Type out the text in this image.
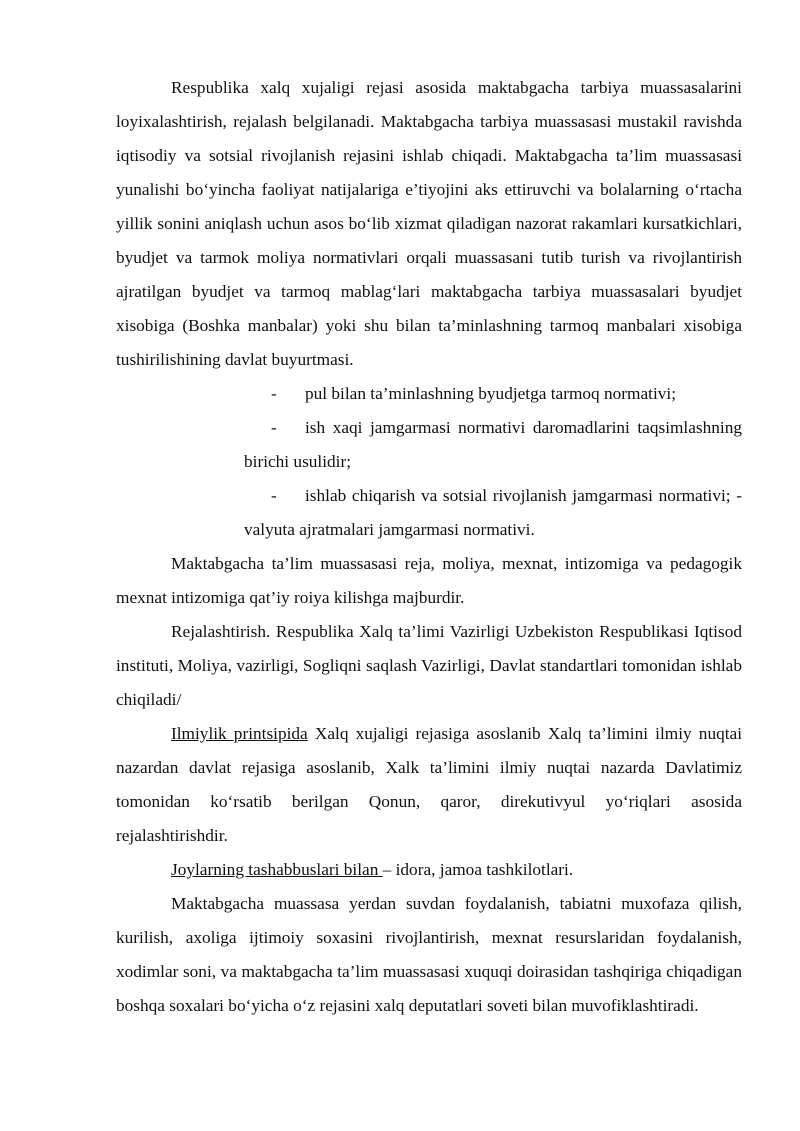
Respublika xalq xujaligi rejasi asosida maktabgacha tarbiya muassasalarini loyixalashtirish, rejalash belgilanadi. Maktabgacha tarbiya muassasasi mustakil ravishda iqtisodiy va sotsial rivojlanish rejasini ishlab chiqadi. Maktabgacha ta’lim muassasasi yunalishi bo‘yincha faoliyat natijalariga e’tiyojini aks ettiruvchi va bolalarning o‘rtacha yillik sonini aniqlash uchun asos bo‘lib xizmat qiladigan nazorat rakamlari kursatkichlari, byudjet va tarmok moliya normativlari orqali muassasani tutib turish va rivojlantirish ajratilgan byudjet va tarmoq mablag‘lari maktabgacha tarbiya muassasalari byudjet xisobiga (Boshka manbalar) yoki shu bilan ta’minlashning tarmoq manbalari xisobiga tushirilishining davlat buyurtmasi.

- pul bilan ta’minlashning byudjetga tarmoq normativi;
- ish xaqi jamgarmasi normativi daromadlarini taqsimlashning birichi usulidir;
- ishlab chiqarish va sotsial rivojlanish jamgarmasi normativi; - valyuta ajratmalari jamgarmasi normativi.

Maktabgacha ta’lim muassasasi reja, moliya, mexnat, intizomiga va pedagogik mexnat intizomiga qat’iy roiya kilishga majburdir.

Rejalashtirish. Respublika Xalq ta’limi Vazirligi Uzbekiston Respublikasi Iqtisod instituti, Moliya, vazirligi, Sogliqni saqlash Vazirligi, Davlat standartlari tomonidan ishlab chiqiladi/

Ilmiylik printsipida Xalq xujaligi rejasiga asoslanib Xalq ta’limini ilmiy nuqtai nazardan davlat rejasiga asoslanib, Xalk ta’limini ilmiy nuqtai nazarda Davlatimiz tomonidan ko‘rsatib berilgan Qonun, qaror, direkutivyul yo‘riqlari asosida rejalashtirishdir.

Joylarning tashabbuslari bilan – idora, jamoa tashkilotlari.

Maktabgacha muassasa yerdan suvdan foydalanish, tabiatni muxofaza qilish, kurilish, axoliga ijtimoiy soxasini rivojlantirish, mexnat resurslaridan foydalanish, xodimlar soni, va maktabgacha ta’lim muassasasi xuquqi doirasidan tashqiriga chiqadigan boshqa soxalari bo‘yicha o‘z rejasini xalq deputatlari soveti bilan muvofiklashtiradi.
